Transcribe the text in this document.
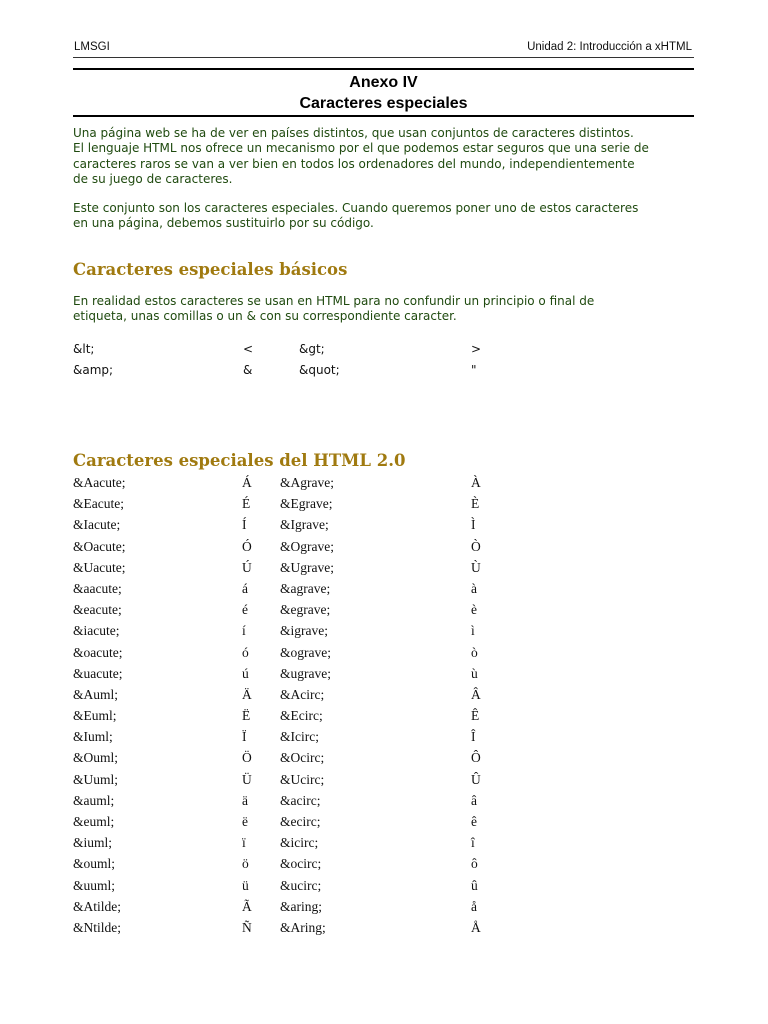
LMSGI	Unidad 2: Introducción a xHTML
Anexo IV
Caracteres especiales

Una página web se ha de ver en países distintos, que usan conjuntos de caracteres distintos.
El lenguaje HTML nos ofrece un mecanismo por el que podemos estar seguros que una serie de
caracteres raros se van a ver bien en todos los ordenadores del mundo, independientemente
de su juego de caracteres.

Este conjunto son los caracteres especiales. Cuando queremos poner uno de estos caracteres
en una página, debemos sustituirlo por su código.

Caracteres especiales básicos

En realidad estos caracteres se usan en HTML para no confundir un principio o final de
etiqueta, unas comillas o un & con su correspondiente caracter.

&lt;	<	&gt;	>
&amp;	&	&quot;	"
Caracteres especiales del HTML 2.0
&Aacute;	Á &Agrave;	À
&Eacute;	É &Egrave;	È
&Iacute;	Í &Igrave;	Ì
&Oacute;	Ó &Ograve;	Ò
&Uacute;	Ú &Ugrave;	Ù
&aacute;	á &agrave;	à
&eacute;	é &egrave;	è
&iacute;	í	&igrave;	ì
&oacute;	ó &ograve;	ò
&uacute;	ú &ugrave;	ù
&Auml;	Ä &Acirc;	Â
&Euml;	Ë &Ecirc;	Ê
&Iuml;	Ï &Icirc;	Î
&Ouml;	Ö &Ocirc;	Ô
&Uuml;	Ü &Ucirc;	Û
&auml;	ä &acirc;	â
&euml;	ë &ecirc;	ê
&iuml;	ï	&icirc;	î
&ouml;	ö &ocirc;	ô
&uuml;	ü &ucirc;	û
&Atilde;	Ã &aring;	å
&Ntilde;	Ñ &Aring;	Å
